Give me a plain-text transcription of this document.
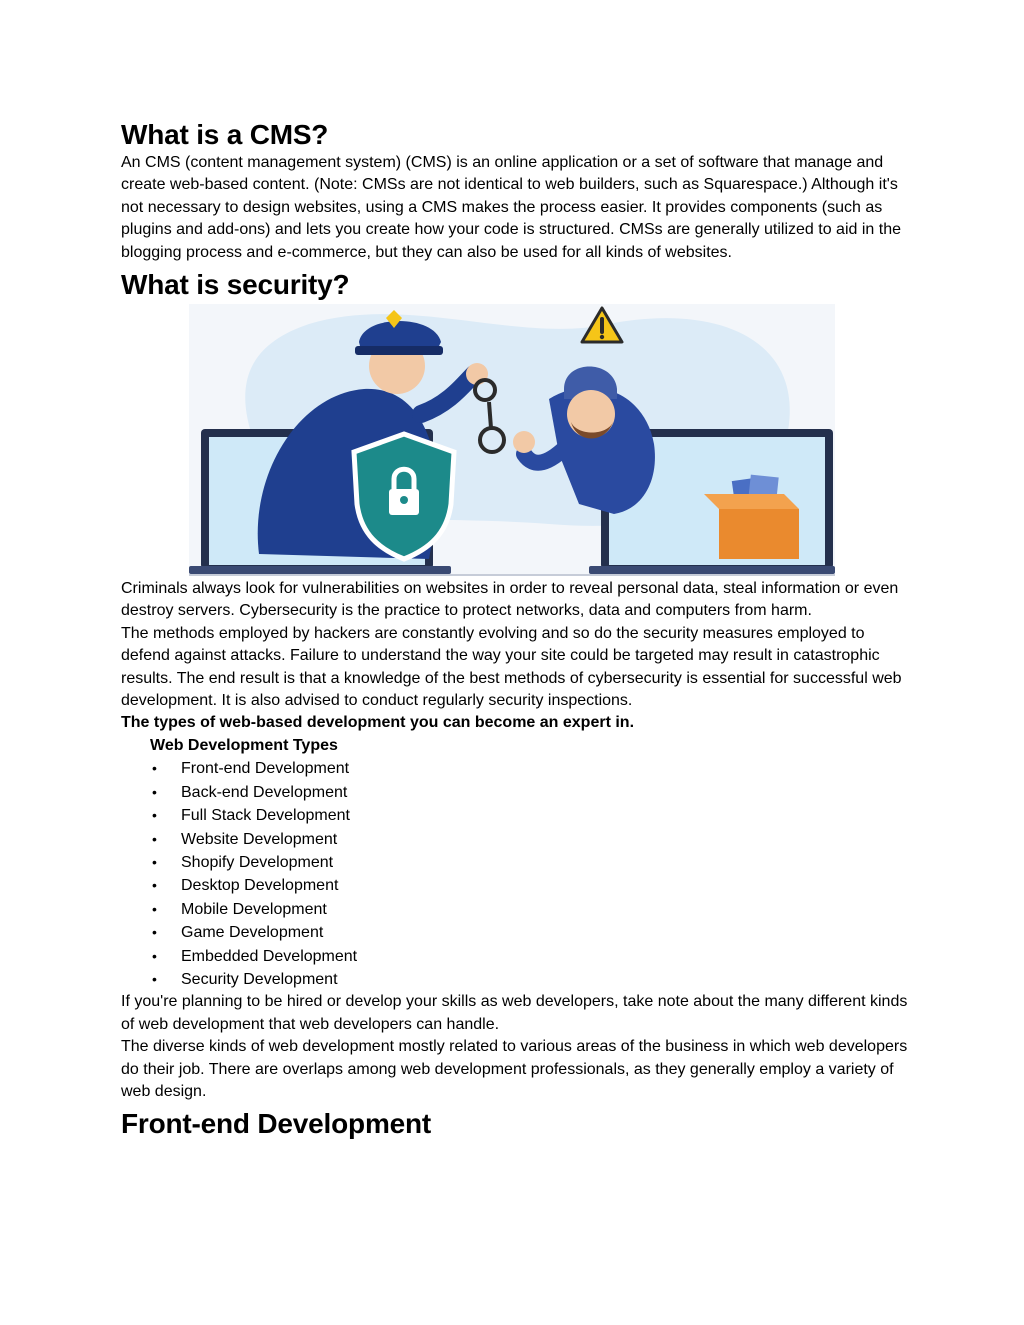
What is a CMS?

An CMS (content management system) (CMS) is an online application or a set of software that manage and create web-based content. (Note: CMSs are not identical to web builders, such as Squarespace.) Although it's not necessary to design websites, using a CMS makes the process easier. It provides components (such as plugins and add-ons) and lets you create how your code is structured. CMSs are generally utilized to aid in the blogging process and e-commerce, but they can also be used for all kinds of websites.

What is security?

Criminals always look for vulnerabilities on websites in order to reveal personal data, steal information or even destroy servers. Cybersecurity is the practice to protect networks, data and computers from harm.

The methods employed by hackers are constantly evolving and so do the security measures employed to defend against attacks. Failure to understand the way your site could be targeted may result in catastrophic results. The end result is that a knowledge of the best methods of cybersecurity is essential for successful web development. It is also advised to conduct regularly security inspections.

The types of web-based development you can become an expert in.

Web Development Types
• Front-end Development
• Back-end Development
• Full Stack Development
• Website Development
• Shopify Development
• Desktop Development
• Mobile Development
• Game Development
• Embedded Development
• Security Development

If you're planning to be hired or develop your skills as web developers, take note about the many different kinds of web development that web developers can handle.

The diverse kinds of web development mostly related to various areas of the business in which web developers do their job. There are overlaps among web development professionals, as they generally employ a variety of web design.

Front-end Development
